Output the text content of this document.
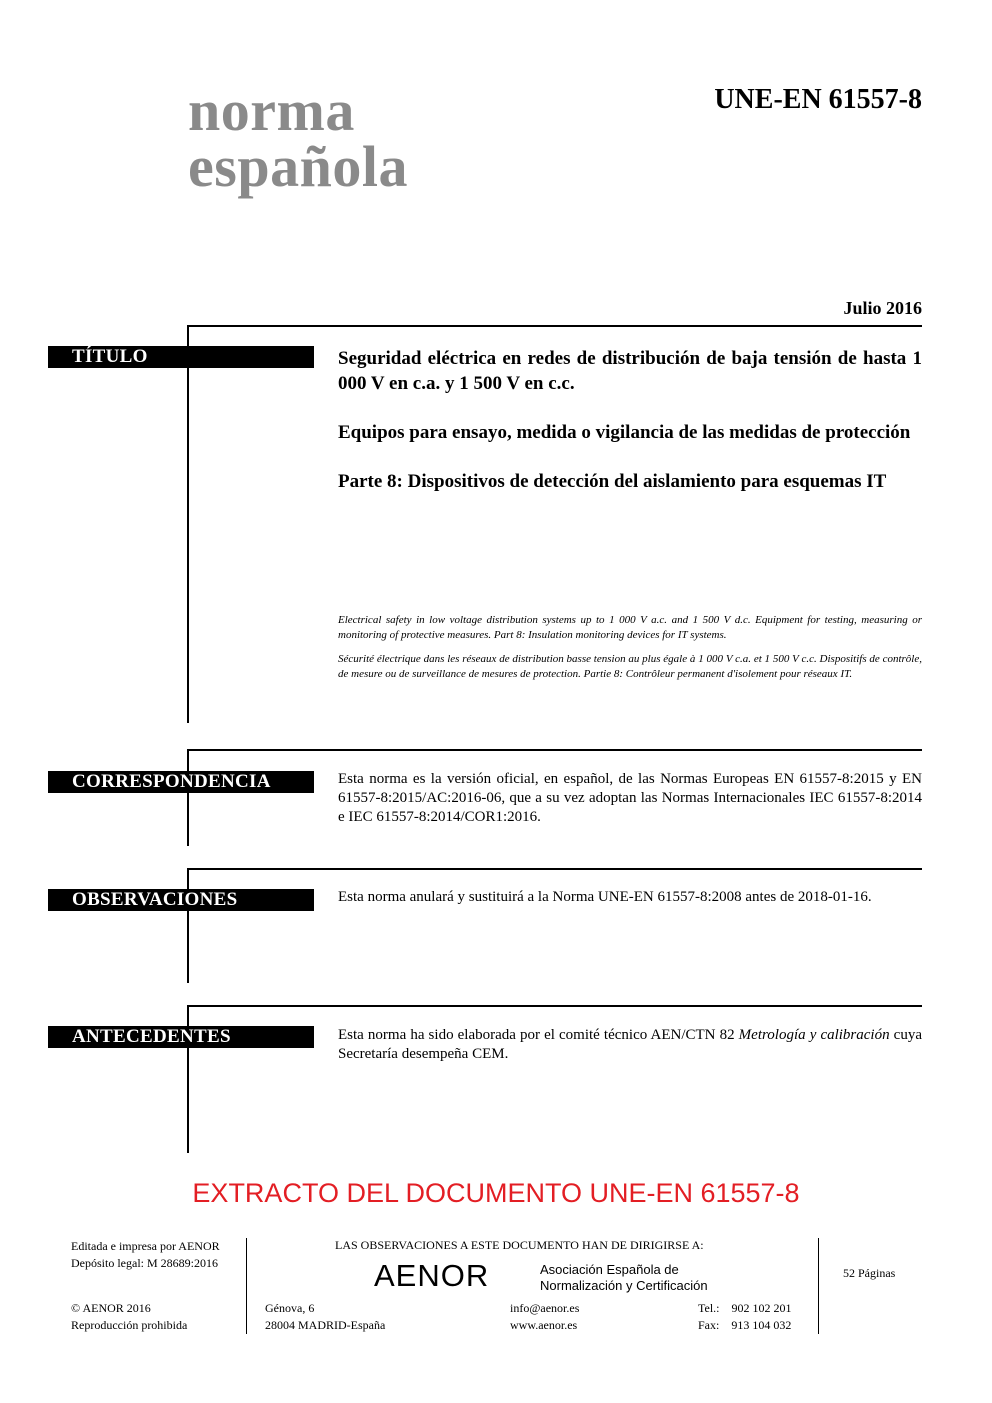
norma
española
UNE-EN 61557-8
Julio 2016
TÍTULO	Seguridad eléctrica en redes de distribución de baja tensión de hasta 1 000 V en c.a. y 1 500 V en c.c.

Equipos para ensayo, medida o vigilancia de las medidas de protección

Parte 8: Dispositivos de detección del aislamiento para esquemas IT

Electrical safety in low voltage distribution systems up to 1 000 V a.c. and 1 500 V d.c. Equipment for testing, measuring or monitoring of protective measures. Part 8: Insulation monitoring devices for IT systems.

Sécurité électrique dans les réseaux de distribution basse tension au plus égale à 1 000 V c.a. et 1 500 V c.c. Dispositifs de contrôle, de mesure ou de surveillance de mesures de protection. Partie 8: Contrôleur permanent d'isolement pour réseaux IT.

CORRESPONDENCIA	Esta norma es la versión oficial, en español, de las Normas Europeas EN 61557-8:2015 y EN 61557-8:2015/AC:2016-06, que a su vez adoptan las Normas Internacionales IEC 61557-8:2014 e IEC 61557-8:2014/COR1:2016.
OBSERVACIONES	Esta norma anulará y sustituirá a la Norma UNE-EN 61557-8:2008 antes de 2018-01-16.
ANTECEDENTES	Esta norma ha sido elaborada por el comité técnico AEN/CTN 82 Metrología y calibración cuya Secretaría desempeña CEM.
EXTRACTO DEL DOCUMENTO UNE-EN 61557-8
Editada e impresa por AENOR
Depósito legal: M 28689:2016
© AENOR 2016
Reproducción prohibida
LAS OBSERVACIONES A ESTE DOCUMENTO HAN DE DIRIGIRSE A:
AENOR	Asociación Española de
Normalización y Certificación
Génova, 6
28004 MADRID-España
info@aenor.es
www.aenor.es
Tel.: 902 102 201
Fax: 913 104 032
52 Páginas
